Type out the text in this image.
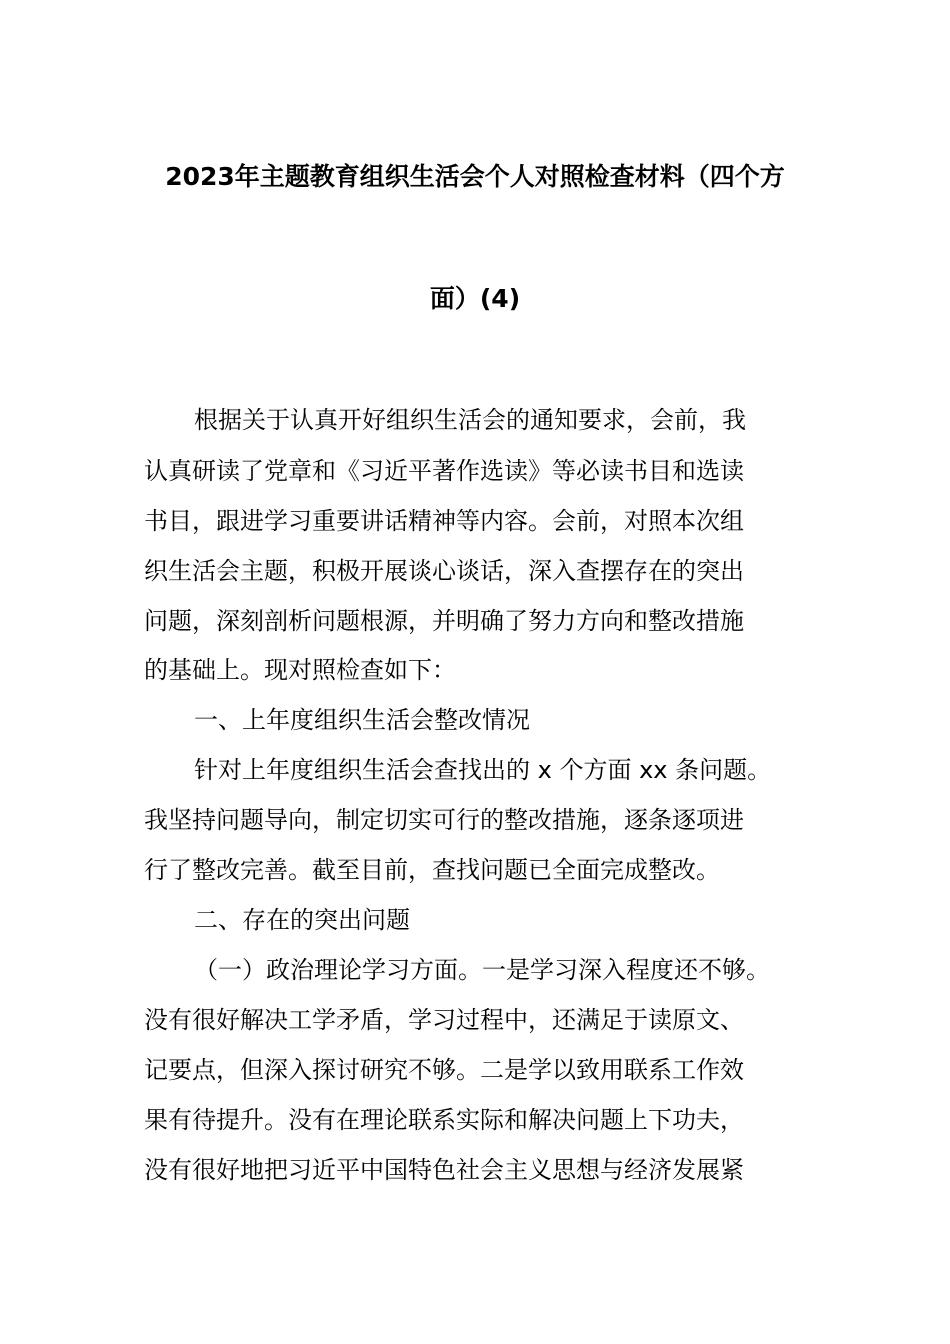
2023年主题教育组织生活会个人对照检查材料（四个方
面）(4)
根据关于认真开好组织生活会的通知要求，会前，我
认真研读了党章和《习近平著作选读》等必读书目和选读
书目，跟进学习重要讲话精神等内容。会前，对照本次组
织生活会主题，积极开展谈心谈话，深入查摆存在的突出
问题，深刻剖析问题根源，并明确了努力方向和整改措施
的基础上。现对照检查如下：
一、上年度组织生活会整改情况
针对上年度组织生活会查找出的 x 个方面 xx 条问题。
我坚持问题导向，制定切实可行的整改措施，逐条逐项进
行了整改完善。截至目前，查找问题已全面完成整改。
二、存在的突出问题
（一）政治理论学习方面。一是学习深入程度还不够。
没有很好解决工学矛盾，学习过程中，还满足于读原文、
记要点，但深入探讨研究不够。二是学以致用联系工作效
果有待提升。没有在理论联系实际和解决问题上下功夫，
没有很好地把习近平中国特色社会主义思想与经济发展紧
